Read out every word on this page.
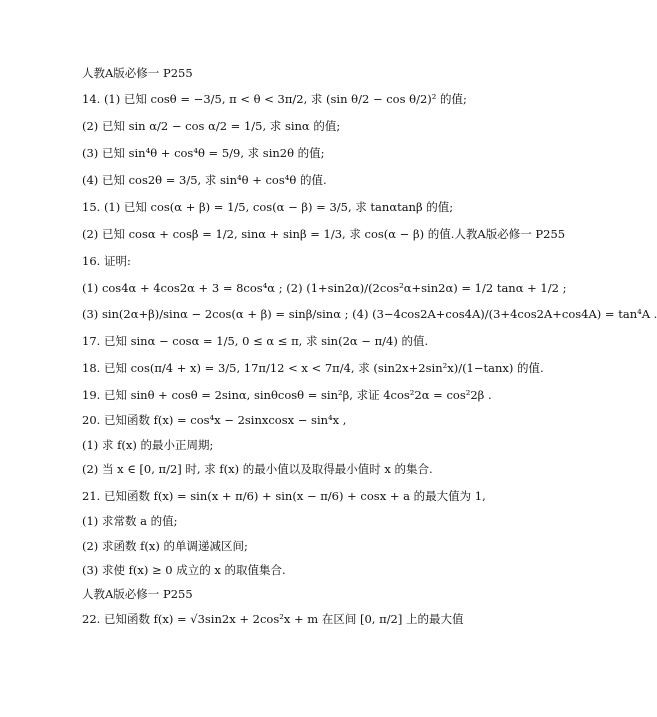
人教A版必修一 P255
14. (1) 已知 cosθ = −3/5, π < θ < 3π/2, 求 (sin θ/2 − cos θ/2)² 的值;
(2) 已知 sin α/2 − cos α/2 = 1/5, 求 sinα 的值;
(3) 已知 sin⁴θ + cos⁴θ = 5/9, 求 sin2θ 的值;
(4) 已知 cos2θ = 3/5, 求 sin⁴θ + cos⁴θ 的值.
15. (1) 已知 cos(α + β) = 1/5, cos(α − β) = 3/5, 求 tanαtanβ 的值;
(2) 已知 cosα + cosβ = 1/2, sinα + sinβ = 1/3, 求 cos(α − β) 的值.人教A版必修一 P255
16. 证明:
(1) cos4α + 4cos2α + 3 = 8cos⁴α ; (2) (1+sin2α)/(2cos²α+sin2α) = 1/2 tanα + 1/2 ;
(3) sin(2α+β)/sinα − 2cos(α + β) = sinβ/sinα ; (4) (3−4cos2A+cos4A)/(3+4cos2A+cos4A) = tan⁴A .
17. 已知 sinα − cosα = 1/5, 0 ≤ α ≤ π, 求 sin(2α − π/4) 的值.
18. 已知 cos(π/4 + x) = 3/5, 17π/12 < x < 7π/4, 求 (sin2x+2sin²x)/(1−tanx) 的值.
19. 已知 sinθ + cosθ = 2sinα, sinθcosθ = sin²β, 求证 4cos²2α = cos²2β .
20. 已知函数 f(x) = cos⁴x − 2sinxcosx − sin⁴x ,
(1) 求 f(x) 的最小正周期;
(2) 当 x ∈ [0, π/2] 时, 求 f(x) 的最小值以及取得最小值时 x 的集合.
21. 已知函数 f(x) = sin(x + π/6) + sin(x − π/6) + cosx + a 的最大值为 1,
(1) 求常数 a 的值;
(2) 求函数 f(x) 的单调递减区间;
(3) 求使 f(x) ≥ 0 成立的 x 的取值集合.
人教A版必修一 P255
22. 已知函数 f(x) = √3sin2x + 2cos²x + m 在区间 [0, π/2] 上的最大值
